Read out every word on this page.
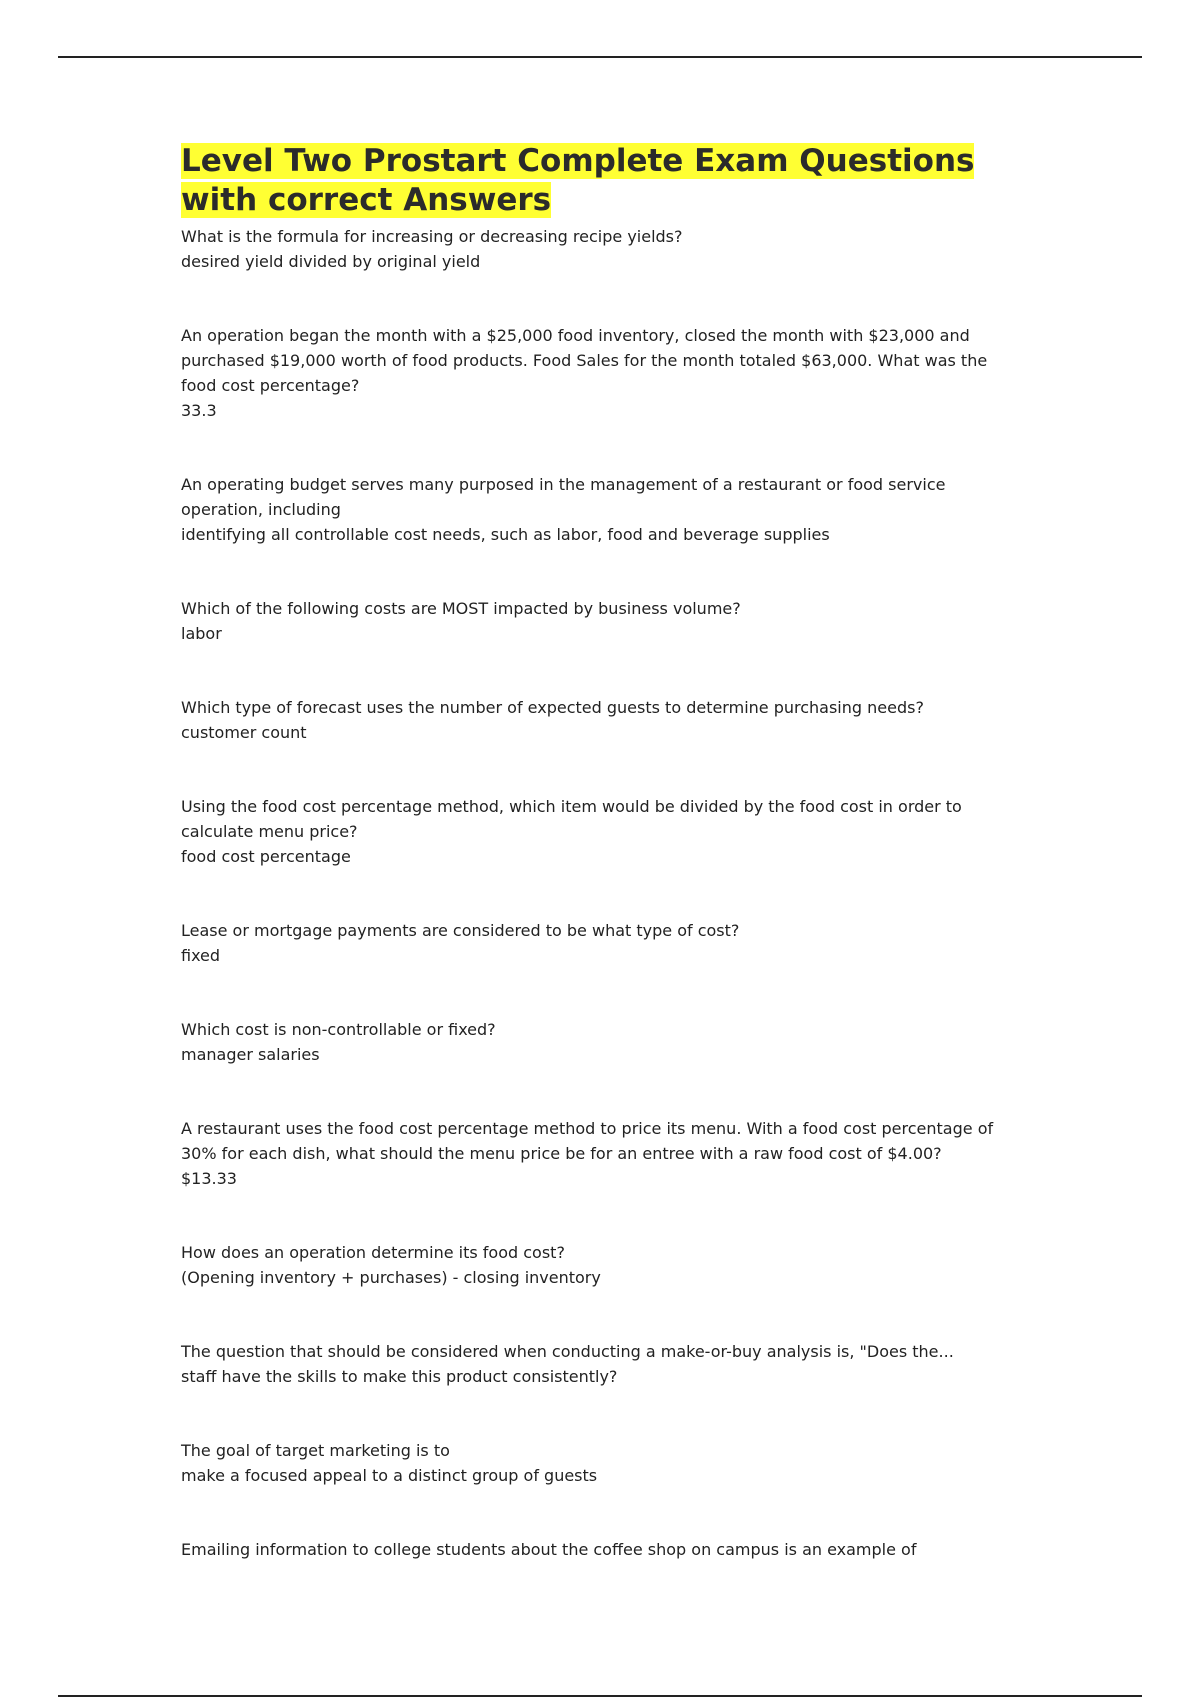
Level Two Prostart Complete Exam Questions with correct Answers
What is the formula for increasing or decreasing recipe yields?
desired yield divided by original yield
An operation began the month with a $25,000 food inventory, closed the month with $23,000 and purchased $19,000 worth of food products. Food Sales for the month totaled $63,000. What was the food cost percentage?
33.3
An operating budget serves many purposed in the management of a restaurant or food service operation, including
identifying all controllable cost needs, such as labor, food and beverage supplies
Which of the following costs are MOST impacted by business volume?
labor
Which type of forecast uses the number of expected guests to determine purchasing needs?
customer count
Using the food cost percentage method, which item would be divided by the food cost in order to calculate menu price?
food cost percentage
Lease or mortgage payments are considered to be what type of cost?
fixed
Which cost is non-controllable or fixed?
manager salaries
A restaurant uses the food cost percentage method to price its menu. With a food cost percentage of 30% for each dish, what should the menu price be for an entree with a raw food cost of $4.00?
$13.33
How does an operation determine its food cost?
(Opening inventory + purchases) - closing inventory
The question that should be considered when conducting a make-or-buy analysis is, "Does the...
staff have the skills to make this product consistently?
The goal of target marketing is to
make a focused appeal to a distinct group of guests
Emailing information to college students about the coffee shop on campus is an example of
